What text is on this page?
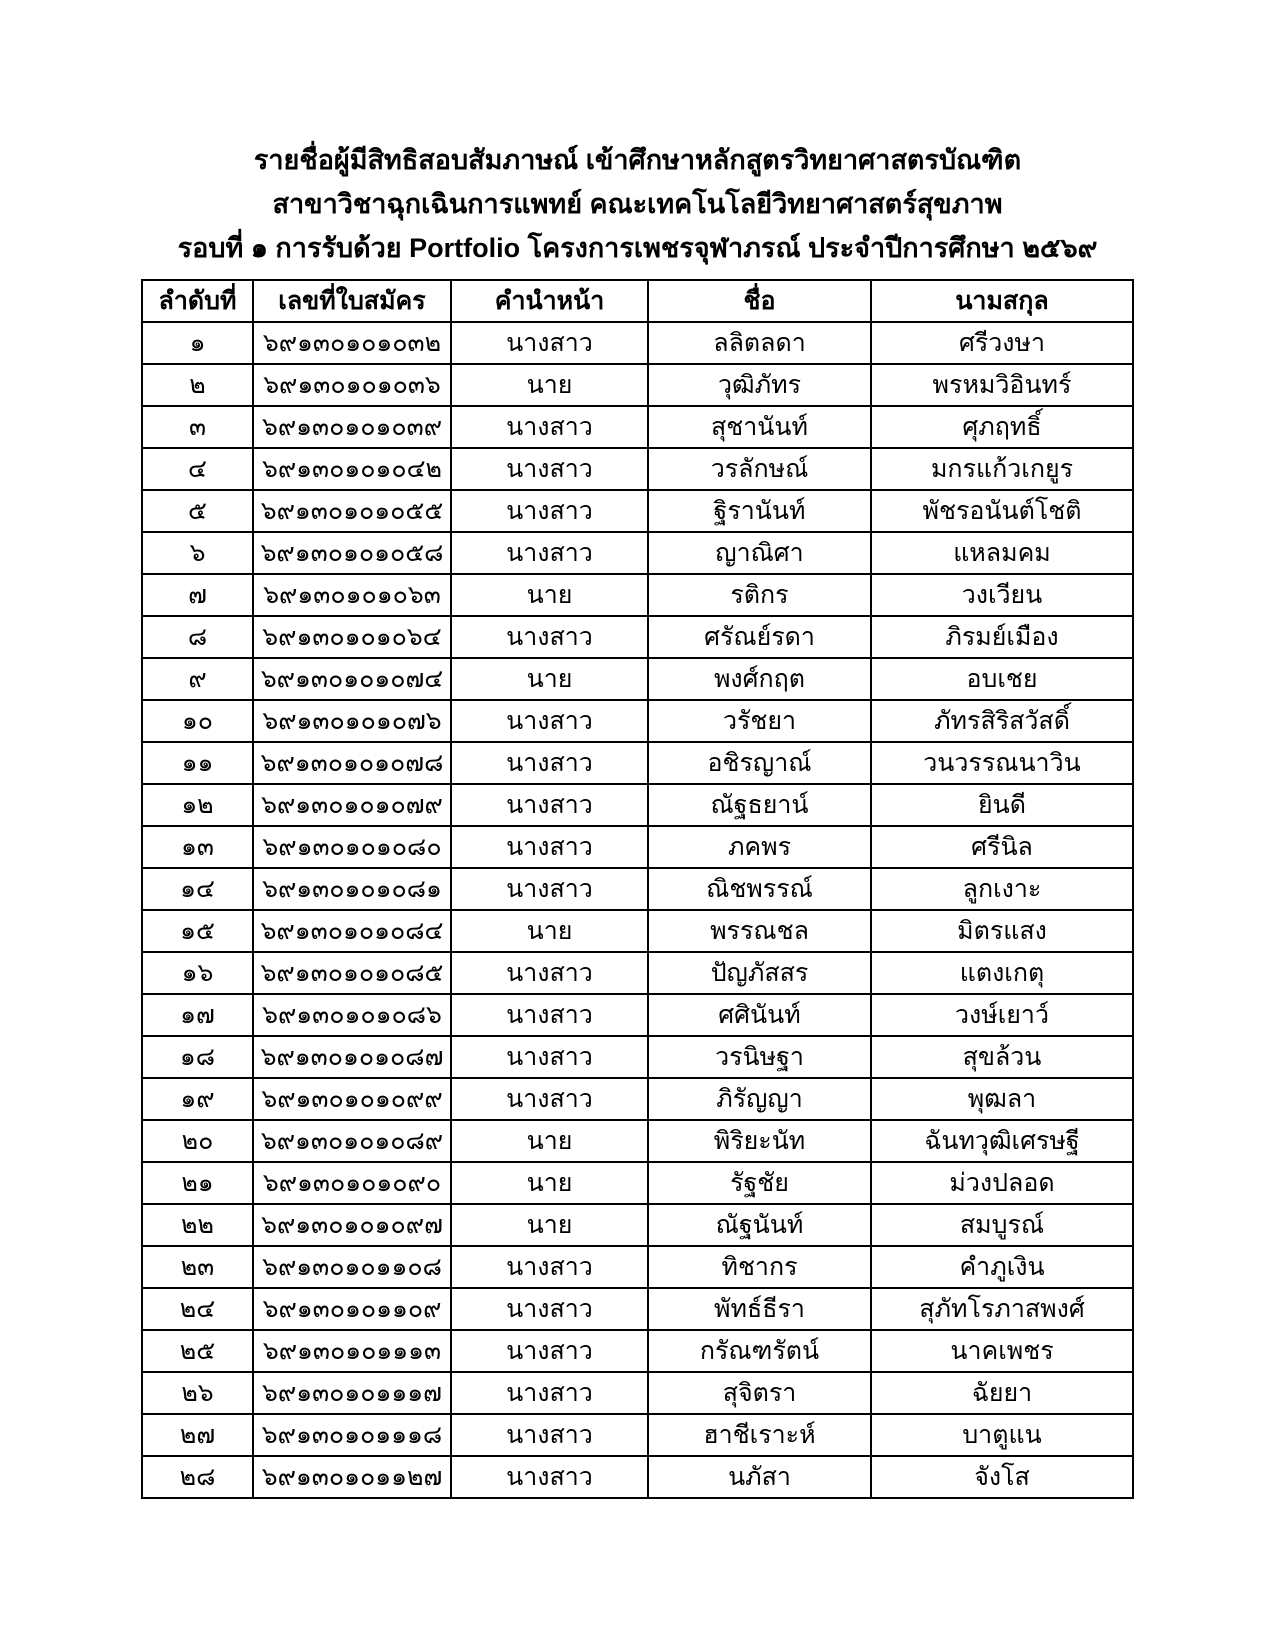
รายชื่อผู้มีสิทธิสอบสัมภาษณ์ เข้าศึกษาหลักสูตรวิทยาศาสตรบัณฑิต
สาขาวิชาฉุกเฉินการแพทย์ คณะเทคโนโลยีวิทยาศาสตร์สุขภาพ
รอบที่ ๑ การรับด้วย Portfolio โครงการเพชรจุฬาภรณ์ ประจำปีการศึกษา ๒๕๖๙
ลำดับที่	เลขที่ใบสมัคร	คำนำหน้า	ชื่อ	นามสกุล
๑	๖๙๑๓๐๑๐๑๐๓๒	นางสาว	ลลิตลดา	ศรีวงษา
๒	๖๙๑๓๐๑๐๑๐๓๖	นาย	วุฒิภัทร	พรหมวิอินทร์
๓	๖๙๑๓๐๑๐๑๐๓๙	นางสาว	สุชานันท์	ศุภฤทธิ์
๔	๖๙๑๓๐๑๐๑๐๔๒	นางสาว	วรลักษณ์	มกรแก้วเกยูร
๕	๖๙๑๓๐๑๐๑๐๕๕	นางสาว	ฐิรานันท์	พัชรอนันต์โชติ
๖	๖๙๑๓๐๑๐๑๐๕๘	นางสาว	ญาณิศา	แหลมคม
๗	๖๙๑๓๐๑๐๑๐๖๓	นาย	รติกร	วงเวียน
๘	๖๙๑๓๐๑๐๑๐๖๔	นางสาว	ศรัณย์รดา	ภิรมย์เมือง
๙	๖๙๑๓๐๑๐๑๐๗๔	นาย	พงศ์กฤต	อบเชย
๑๐	๖๙๑๓๐๑๐๑๐๗๖	นางสาว	วรัชยา	ภัทรสิริสวัสดิ์
๑๑	๖๙๑๓๐๑๐๑๐๗๘	นางสาว	อชิรญาณ์	วนวรรณนาวิน
๑๒	๖๙๑๓๐๑๐๑๐๗๙	นางสาว	ณัฐธยาน์	ยินดี
๑๓	๖๙๑๓๐๑๐๑๐๘๐	นางสาว	ภคพร	ศรีนิล
๑๔	๖๙๑๓๐๑๐๑๐๘๑	นางสาว	ณิชพรรณ์	ลูกเงาะ
๑๕	๖๙๑๓๐๑๐๑๐๘๔	นาย	พรรณชล	มิตรแสง
๑๖	๖๙๑๓๐๑๐๑๐๘๕	นางสาว	ปัญภัสสร	แตงเกตุ
๑๗	๖๙๑๓๐๑๐๑๐๘๖	นางสาว	ศศินันท์	วงษ์เยาว์
๑๘	๖๙๑๓๐๑๐๑๐๘๗	นางสาว	วรนิษฐา	สุขล้วน
๑๙	๖๙๑๓๐๑๐๑๐๙๙	นางสาว	ภิรัญญา	พุฒลา
๒๐	๖๙๑๓๐๑๐๑๐๘๙	นาย	พิริยะนัท	ฉันทวุฒิเศรษฐี
๒๑	๖๙๑๓๐๑๐๑๐๙๐	นาย	รัฐชัย	ม่วงปลอด
๒๒	๖๙๑๓๐๑๐๑๐๙๗	นาย	ณัฐนันท์	สมบูรณ์
๒๓	๖๙๑๓๐๑๐๑๑๐๘	นางสาว	ทิชากร	คำภูเงิน
๒๔	๖๙๑๓๐๑๐๑๑๐๙	นางสาว	พัทธ์ธีรา	สุภัทโรภาสพงศ์
๒๕	๖๙๑๓๐๑๐๑๑๑๓	นางสาว	กรัณฑรัตน์	นาคเพชร
๒๖	๖๙๑๓๐๑๐๑๑๑๗	นางสาว	สุจิตรา	ฉัยยา
๒๗	๖๙๑๓๐๑๐๑๑๑๘	นางสาว	ฮาชีเราะห์	บาตูแน
๒๘	๖๙๑๓๐๑๐๑๑๒๗	นางสาว	นภัสา	จังโส
